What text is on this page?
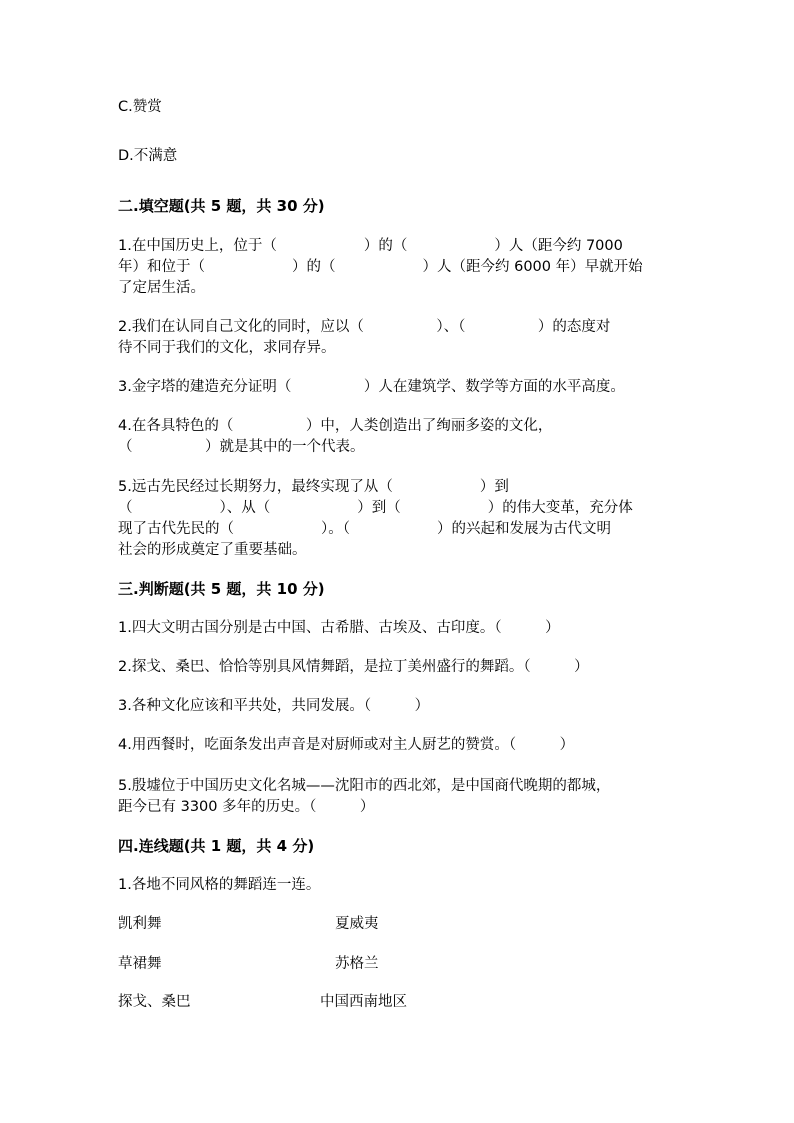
C.赞赏
D.不满意
二.填空题(共 5 题，共 30 分)
1.在中国历史上，位于（　　　　　　）的（　　　　　　）人（距今约 7000
年）和位于（　　　　　　）的（　　　　　　）人（距今约 6000 年）早就开始
了定居生活。
2.我们在认同自己文化的同时，应以（　　　　　）、（　　　　　）的态度对
待不同于我们的文化，求同存异。
3.金字塔的建造充分证明（　　　　　）人在建筑学、数学等方面的水平高度。
4.在各具特色的（　　　　　）中，人类创造出了绚丽多姿的文化，
（　　　　　）就是其中的一个代表。
5.远古先民经过长期努力，最终实现了从（　　　　　　）到
（　　　　　　）、从（　　　　　　）到（　　　　　　）的伟大变革，充分体
现了古代先民的（　　　　　　）。（　　　　　　）的兴起和发展为古代文明
社会的形成奠定了重要基础。
三.判断题(共 5 题，共 10 分)
1.四大文明古国分别是古中国、古希腊、古埃及、古印度。（　　　）
2.探戈、桑巴、恰恰等别具风情舞蹈，是拉丁美州盛行的舞蹈。（　　　）
3.各种文化应该和平共处，共同发展。（　　　）
4.用西餐时，吃面条发出声音是对厨师或对主人厨艺的赞赏。（　　　）
5.殷墟位于中国历史文化名城——沈阳市的西北郊，是中国商代晚期的都城，
距今已有 3300 多年的历史。（　　　）
四.连线题(共 1 题，共 4 分)
1.各地不同风格的舞蹈连一连。
凯利舞	夏威夷
草裙舞	苏格兰
探戈、桑巴	中国西南地区
